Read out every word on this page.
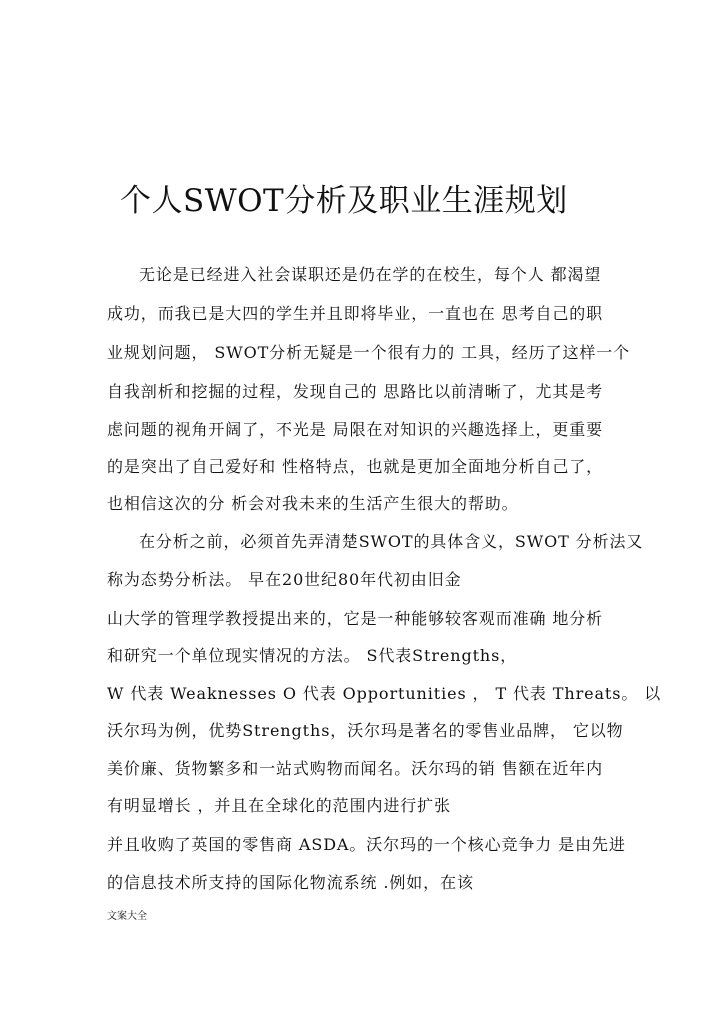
个人SWOT分析及职业生涯规划
无论是已经进入社会谋职还是仍在学的在校生，每个人 都渴望
成功，而我已是大四的学生并且即将毕业，一直也在 思考自己的职
业规划问题， SWOT分析无疑是一个很有力的 工具，经历了这样一个
自我剖析和挖掘的过程，发现自己的 思路比以前清晰了，尤其是考
虑问题的视角开阔了，不光是 局限在对知识的兴趣选择上，更重要
的是突出了自己爱好和 性格特点，也就是更加全面地分析自己了，
也相信这次的分 析会对我未来的生活产生很大的帮助。
在分析之前，必须首先弄清楚SWOT的具体含义，SWOT 分析法又
称为态势分析法。 早在20世纪80年代初由旧金
山大学的管理学教授提出来的，它是一种能够较客观而准确 地分析
和研究一个单位现实情况的方法。 S代表Strengths，
W 代表 Weaknesses O 代表 Opportunities ， T 代表 Threats。 以
沃尔玛为例，优势Strengths，沃尔玛是著名的零售业品牌， 它以物
美价廉、货物繁多和一站式购物而闻名。沃尔玛的销 售额在近年内
有明显增长 ，并且在全球化的范围内进行扩张
并且收购了英国的零售商 ASDA。沃尔玛的一个核心竞争力 是由先进
的信息技术所支持的国际化物流系统 .例如，在该
文案大全
